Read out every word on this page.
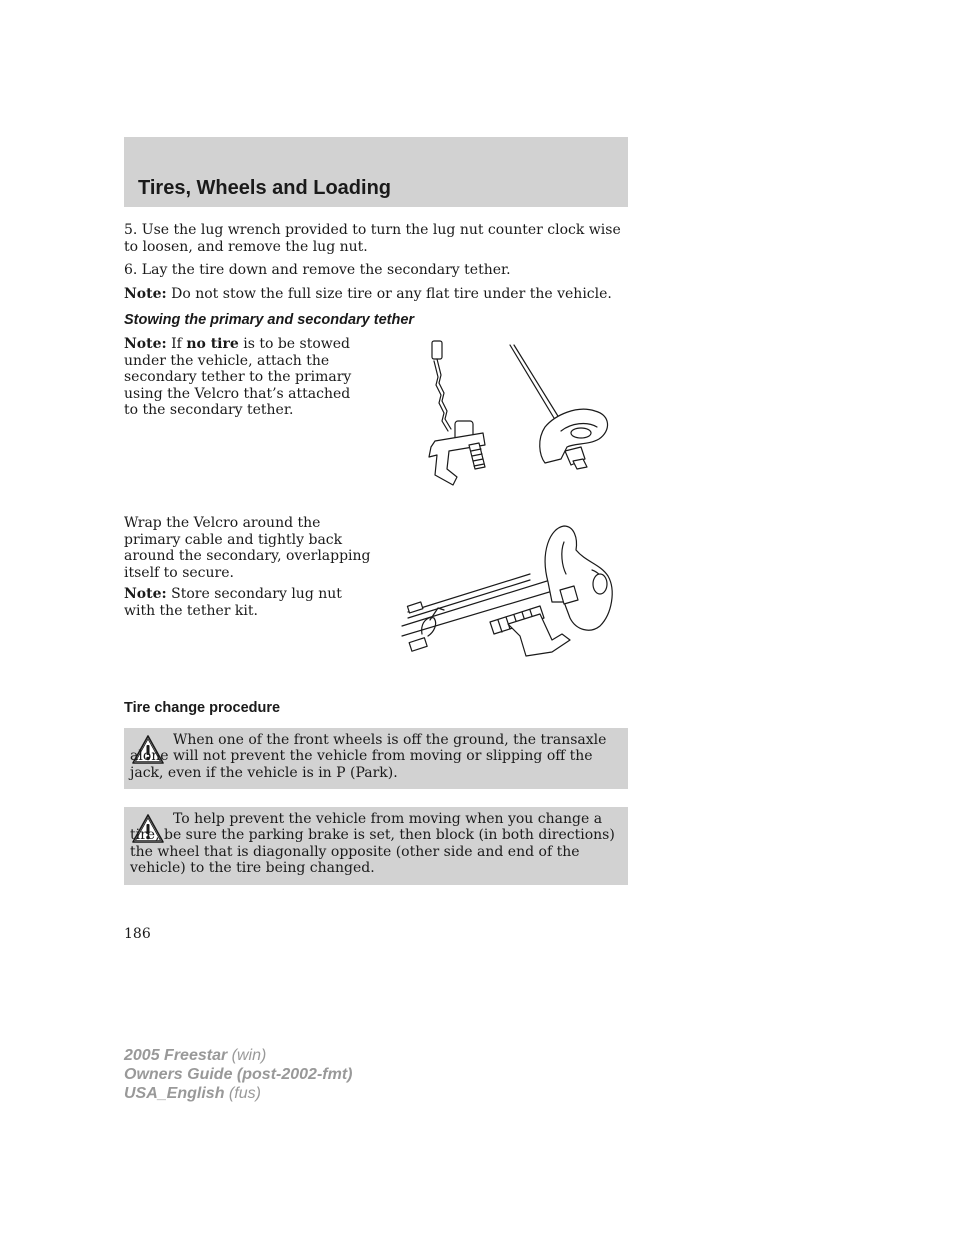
Tires, Wheels and Loading
5. Use the lug wrench provided to turn the lug nut counter clock wise to loosen, and remove the lug nut.
6. Lay the tire down and remove the secondary tether.
Note: Do not stow the full size tire or any flat tire under the vehicle.
Stowing the primary and secondary tether
Note: If no tire is to be stowed under the vehicle, attach the secondary tether to the primary using the Velcro that’s attached to the secondary tether.
Wrap the Velcro around the primary cable and tightly back around the secondary, overlapping itself to secure.
Note: Store secondary lug nut with the tether kit.
Tire change procedure
When one of the front wheels is off the ground, the transaxle alone will not prevent the vehicle from moving or slipping off the jack, even if the vehicle is in P (Park).
To help prevent the vehicle from moving when you change a tire, be sure the parking brake is set, then block (in both directions) the wheel that is diagonally opposite (other side and end of the vehicle) to the tire being changed.
186
2005 Freestar (win)
Owners Guide (post-2002-fmt)
USA_English (fus)
